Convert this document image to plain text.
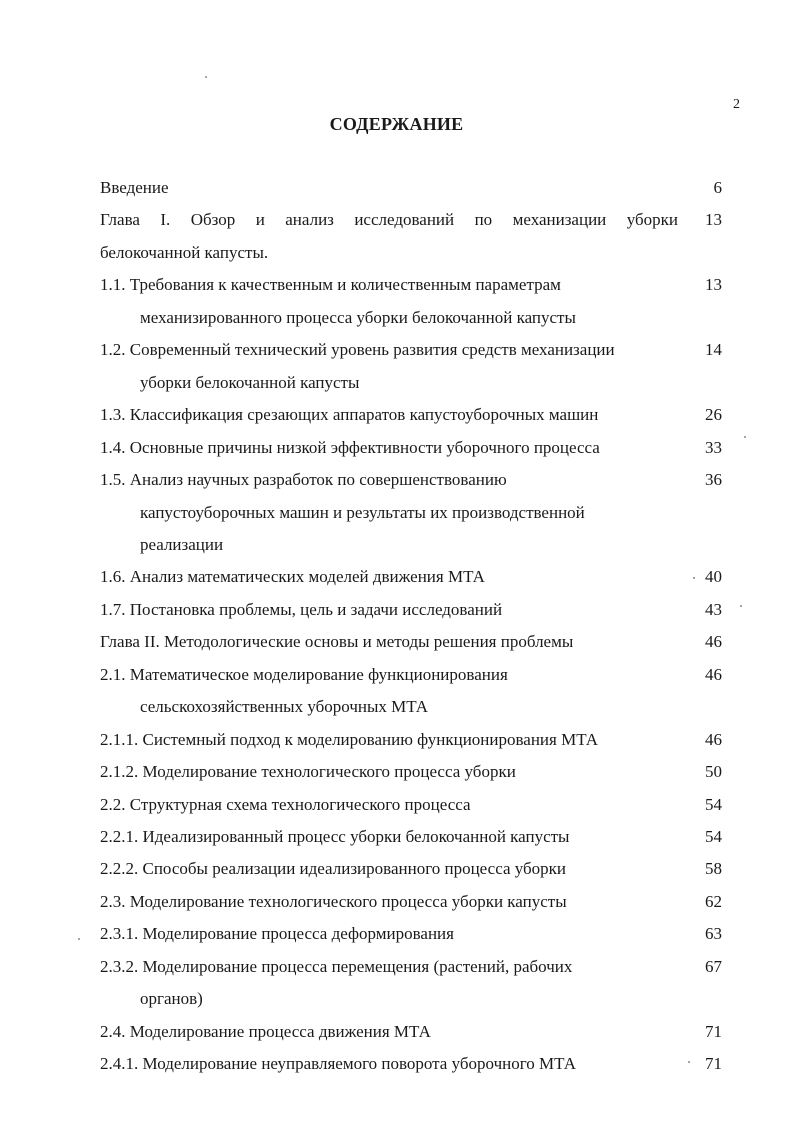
2
СОДЕРЖАНИЕ
Введение	6
Глава I. Обзор и анализ исследований по механизации уборки	13
белокочанной капусты.
1.1. Требования к качественным и количественным параметрам	13
механизированного процесса уборки белокочанной капусты
1.2. Современный технический уровень развития средств механизации	14
уборки белокочанной капусты
1.3. Классификация срезающих аппаратов капустоуборочных машин	26
1.4. Основные причины низкой эффективности уборочного процесса	33
1.5. Анализ научных разработок по совершенствованию	36
капустоуборочных машин и результаты их производственной
реализации
1.6. Анализ математических моделей движения МТА	40
1.7. Постановка проблемы, цель и задачи исследований	43
Глава II. Методологические основы и методы решения проблемы	46
2.1. Математическое моделирование функционирования	46
сельскохозяйственных уборочных МТА
2.1.1. Системный подход к моделированию функционирования МТА	46
2.1.2. Моделирование технологического процесса уборки	50
2.2. Структурная схема технологического процесса	54
2.2.1. Идеализированный процесс уборки белокочанной капусты	54
2.2.2. Способы реализации идеализированного процесса уборки	58
2.3. Моделирование технологического процесса уборки капусты	62
2.3.1. Моделирование процесса деформирования	63
2.3.2. Моделирование процесса перемещения (растений, рабочих	67
органов)
2.4. Моделирование процесса движения МТА	71
2.4.1. Моделирование неуправляемого поворота уборочного МТА	71
